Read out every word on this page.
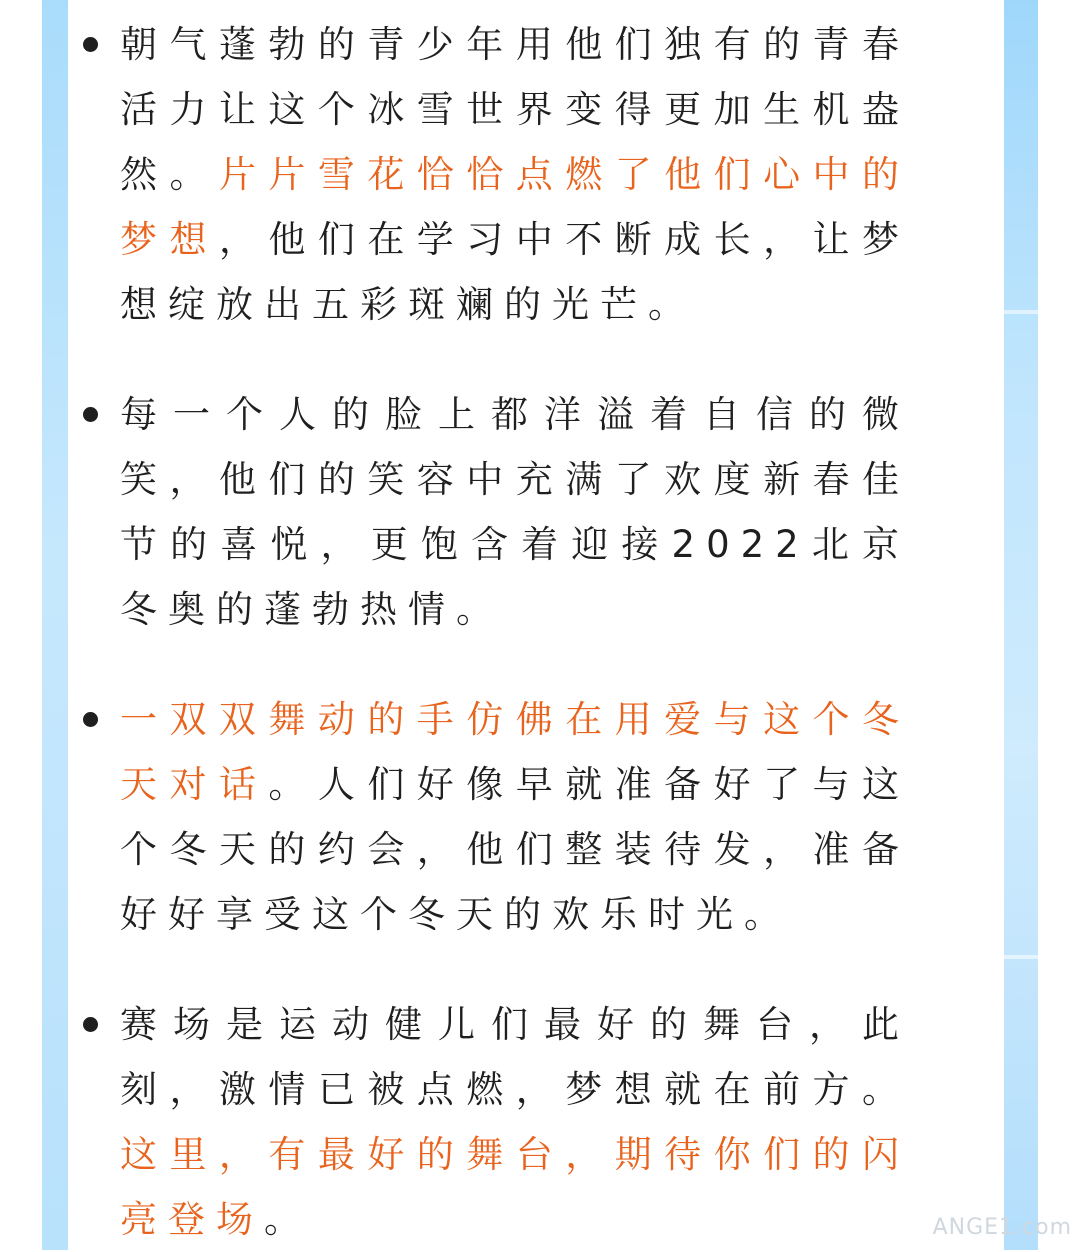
朝气蓬勃的青少年用他们独有的青春活力让这个冰雪世界变得更加生机盎然。片片雪花恰恰点燃了他们心中的梦想，他们在学习中不断成长，让梦想绽放出五彩斑斓的光芒。
每一个人的脸上都洋溢着自信的微笑，他们的笑容中充满了欢度新春佳节的喜悦，更饱含着迎接2022北京冬奥的蓬勃热情。
一双双舞动的手仿佛在用爱与这个冬天对话。人们好像早就准备好了与这个冬天的约会，他们整装待发，准备好好享受这个冬天的欢乐时光。
赛场是运动健儿们最好的舞台，此刻，激情已被点燃，梦想就在前方。这里，有最好的舞台，期待你们的闪亮登场。	ANGE1.com
